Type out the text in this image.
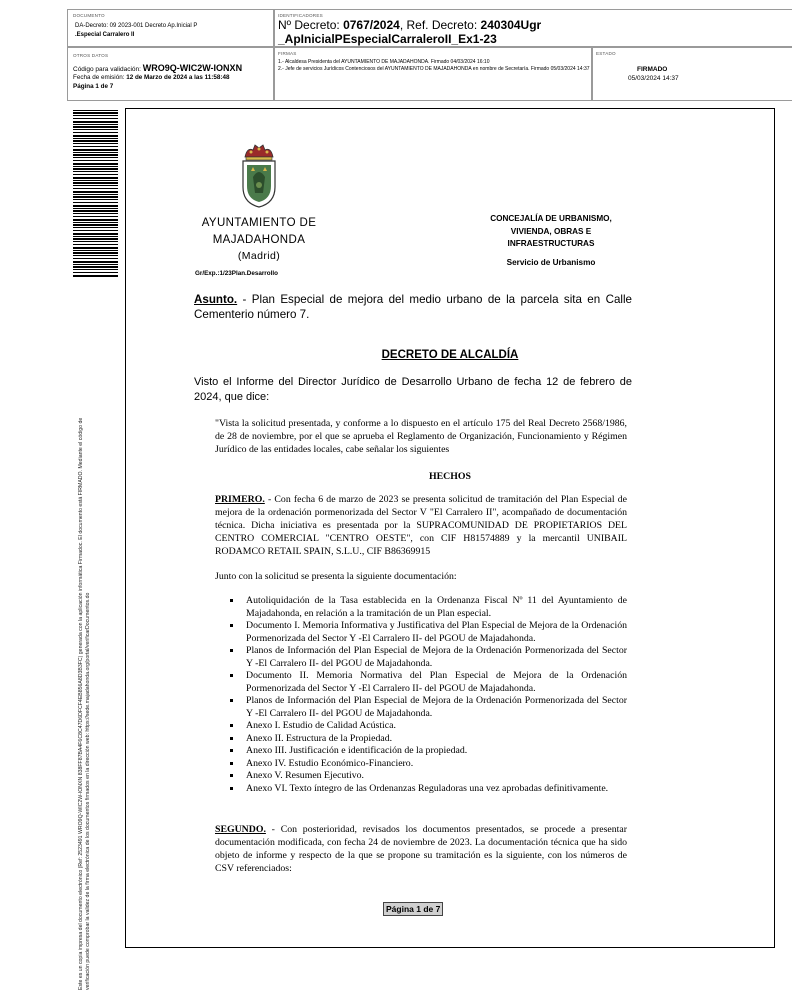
DOCUMENTO
DA-Decreto: 09 2023-001 Decreto Ap.Inicial P
.Especial Carralero II
IDENTIFICADORES
Nº Decreto: 0767/2024, Ref. Decreto: 240304Ugr
_ApInicialPEspecialCarraleroII_Ex1-23
OTROS DATOS
Código para validación: WRO9Q-WIC2W-IONXN
Fecha de emisión: 12 de Marzo de 2024 a las 11:58:48
Página 1 de 7
FIRMAS
1.- Alcaldesa Presidenta del AYUNTAMIENTO DE MAJADAHONDA. Firmado 04/03/2024 16:10
2.- Jefe de servicios Jurídicos Contenciosos del AYUNTAMIENTO DE MAJADAHONDA en nombre de Secretaría. Firmado 05/03/2024 14:37
ESTADO
FIRMADO
05/03/2024 14:37
Este es un copia impresa del documento electrónico (Ref: 2523491 WRO9Q-WIC2W-IONXN 838FF87BA4F6C8C47D6DFCF4EB856A8D3B3FC) generada con la aplicación informática Firmadoc. El documento está FIRMADO. Mediante el código de verificación puede comprobar la validez de la firma electrónica de los documentos firmados en la dirección web: https://sede.majadahonda.org/portal/verificarDocumentos.do
AYUNTAMIENTO DE
MAJADAHONDA
(Madrid)
Gr/Exp.:1/23Plan.Desarrollo
CONCEJALÍA DE URBANISMO,
VIVIENDA, OBRAS E
INFRAESTRUCTURAS
Servicio de Urbanismo
Asunto. - Plan Especial de mejora del medio urbano de la parcela sita en Calle Cementerio número 7.
DECRETO DE ALCALDÍA
Visto el Informe del Director Jurídico de Desarrollo Urbano de fecha 12 de febrero de 2024, que dice:
"Vista la solicitud presentada, y conforme a lo dispuesto en el artículo 175 del Real Decreto 2568/1986, de 28 de noviembre, por el que se aprueba el Reglamento de Organización, Funcionamiento y Régimen Jurídico de las entidades locales, cabe señalar los siguientes
HECHOS
PRIMERO. - Con fecha 6 de marzo de 2023 se presenta solicitud de tramitación del Plan Especial de mejora de la ordenación pormenorizada del Sector V "El Carralero II", acompañado de documentación técnica. Dicha iniciativa es presentada por la SUPRACOMUNIDAD DE PROPIETARIOS DEL CENTRO COMERCIAL "CENTRO OESTE", con CIF H81574889 y la mercantil UNIBAIL RODAMCO RETAIL SPAIN, S.L.U., CIF B86369915
Junto con la solicitud se presenta la siguiente documentación:
Autoliquidación de la Tasa establecida en la Ordenanza Fiscal Nº 11 del Ayuntamiento de Majadahonda, en relación a la tramitación de un Plan especial.
Documento I. Memoria Informativa y Justificativa del Plan Especial de Mejora de la Ordenación Pormenorizada del Sector Y -El Carralero II- del PGOU de Majadahonda.
Planos de Información del Plan Especial de Mejora de la Ordenación Pormenorizada del Sector Y -El Carralero II- del PGOU de Majadahonda.
Documento II. Memoria Normativa del Plan Especial de Mejora de la Ordenación Pormenorizada del Sector Y -El Carralero II- del PGOU de Majadahonda.
Planos de Información del Plan Especial de Mejora de la Ordenación Pormenorizada del Sector Y -El Carralero II- del PGOU de Majadahonda.
Anexo I. Estudio de Calidad Acústica.
Anexo II. Estructura de la Propiedad.
Anexo III. Justificación e identificación de la propiedad.
Anexo IV. Estudio Económico-Financiero.
Anexo V. Resumen Ejecutivo.
Anexo VI. Texto íntegro de las Ordenanzas Reguladoras una vez aprobadas definitivamente.
SEGUNDO. - Con posterioridad, revisados los documentos presentados, se procede a presentar documentación modificada, con fecha 24 de noviembre de 2023. La documentación técnica que ha sido objeto de informe y respecto de la que se propone su tramitación es la siguiente, con los números de CSV referenciados:
Página 1 de 7
